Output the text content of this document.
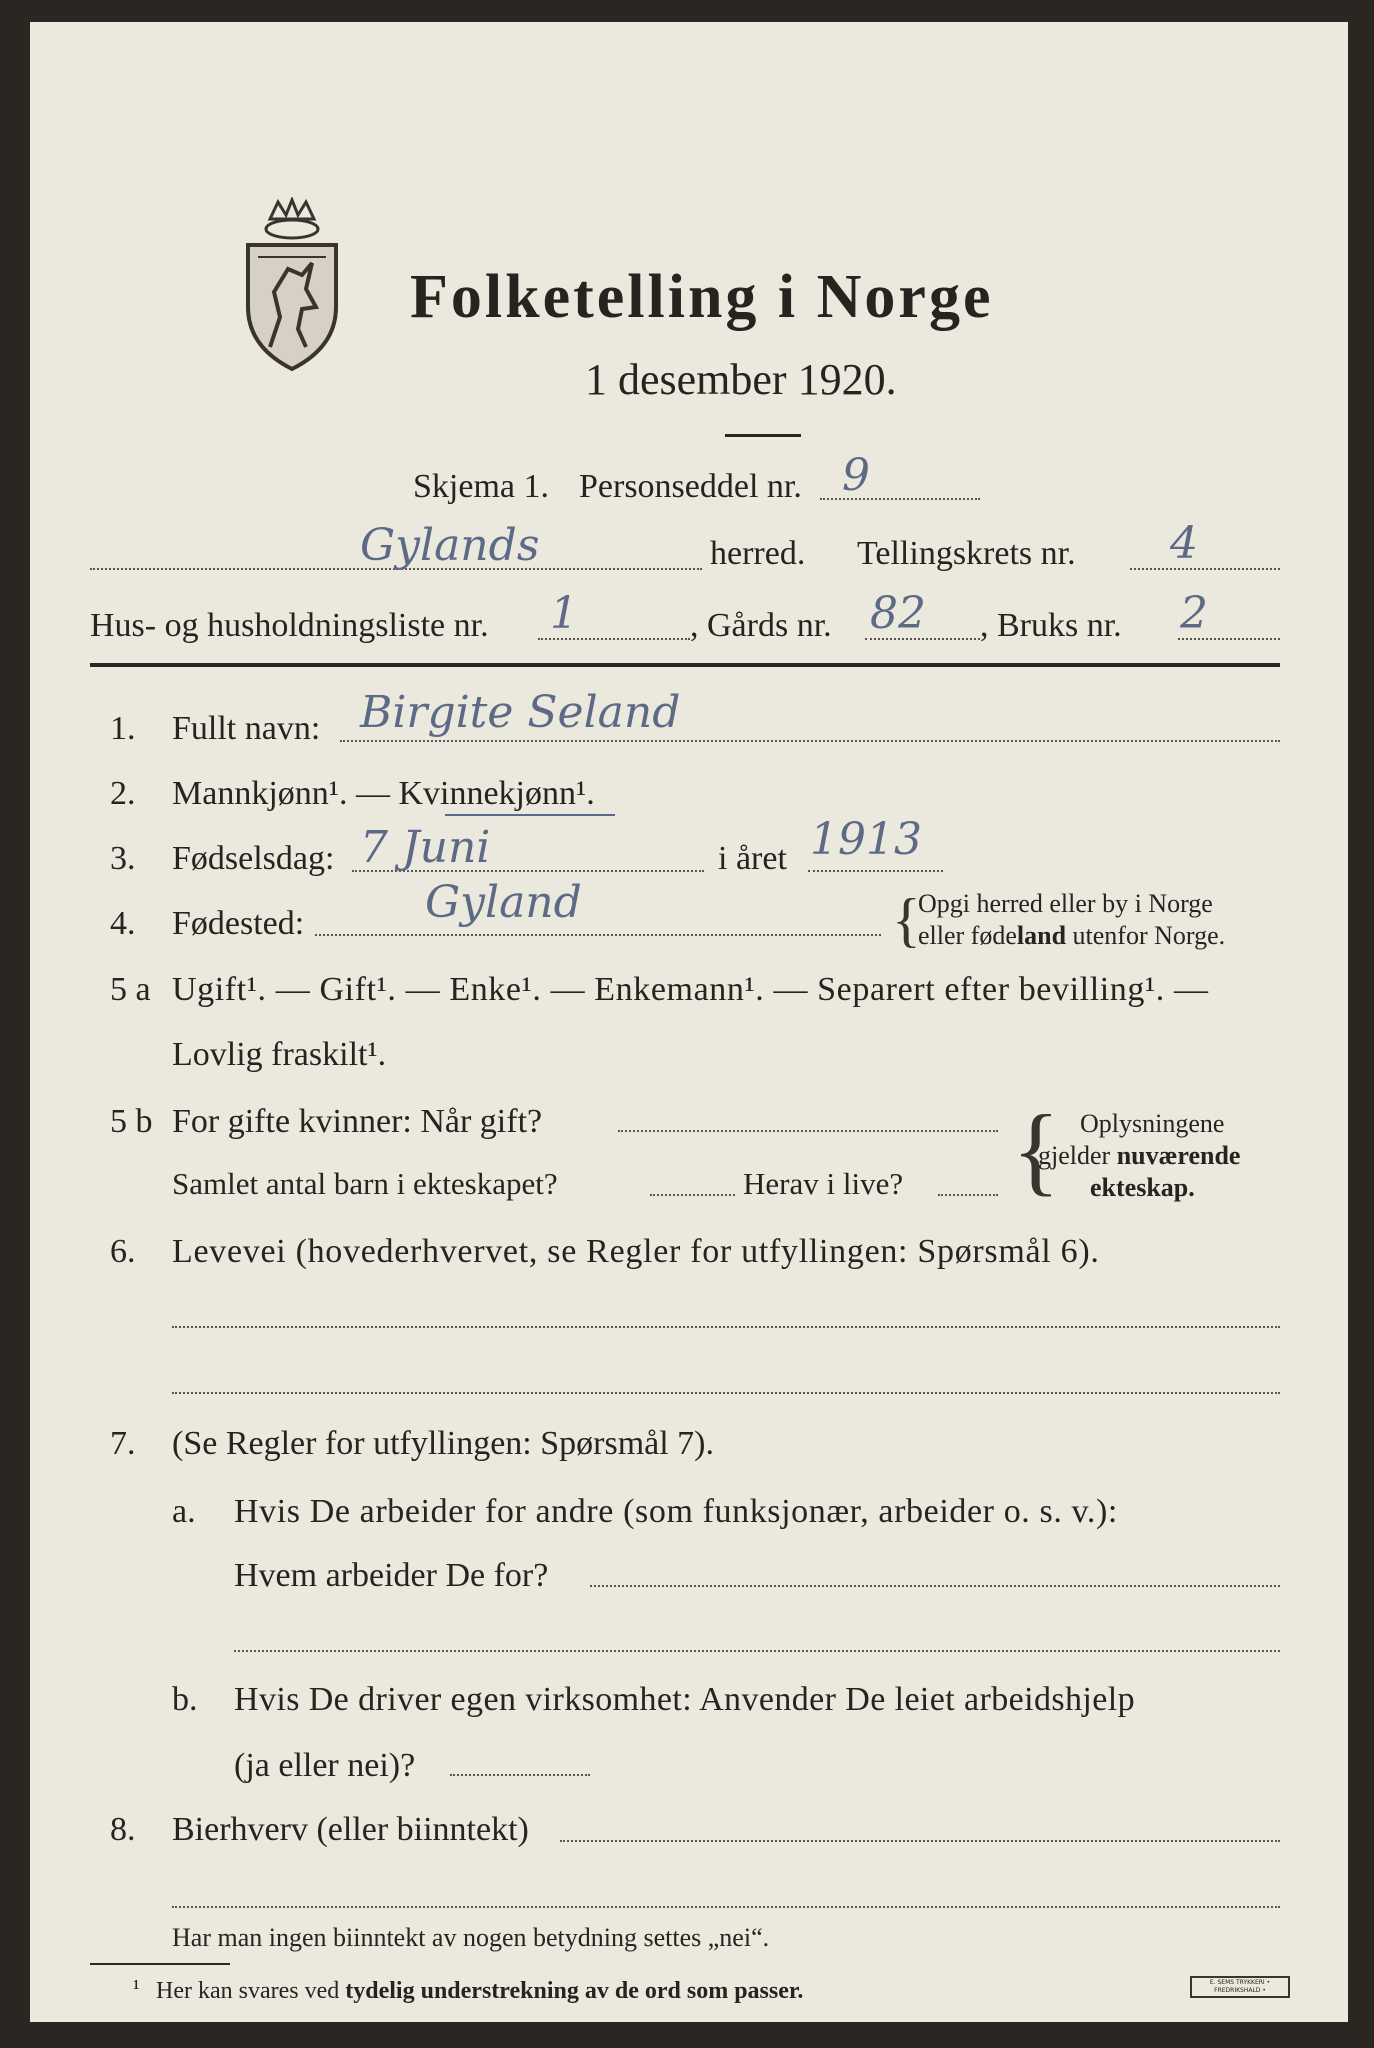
Folketelling i Norge
1 desember 1920.
Skjema 1. Personseddel nr. 9
Gylands	herred. Tellingskrets nr. 4
Hus- og husholdningsliste nr. 1	, Gårds nr. 82 , Bruks nr. 2
1. Fullt navn: Birgite Seland
2. Mannkjønn¹. — Kvinnekjønn¹.
3. Fødselsdag: 7 Juni	i året 1913
4. Fødested:	Gyland	{
Opgi herred eller by i Norge
eller fødeland utenfor Norge.
5 a Ugift¹. — Gift¹. — Enke¹. — Enkemann¹. — Separert efter bevilling¹. —
Lovlig fraskilt¹.
5 b For gifte kvinner: Når gift?
Samlet antal barn i ekteskapet?	Herav i live? { Oplysningene
gjelder nuværende
ekteskap.
6. Levevei (hovederhvervet, se Regler for utfyllingen: Spørsmål 6).
7. (Se Regler for utfyllingen: Spørsmål 7).
a. Hvis De arbeider for andre (som funksjonær, arbeider o. s. v.):
Hvem arbeider De for?
b. Hvis De driver egen virksomhet: Anvender De leiet arbeidshjelp
(ja eller nei)?
8. Bierhverv (eller biinntekt)
Har man ingen biinntekt av nogen betydning settes „nei“.
¹ Her kan svares ved tydelig understrekning av de ord som passer.	E. SEMS TRYKKERI • FREDRIKSHALD •
